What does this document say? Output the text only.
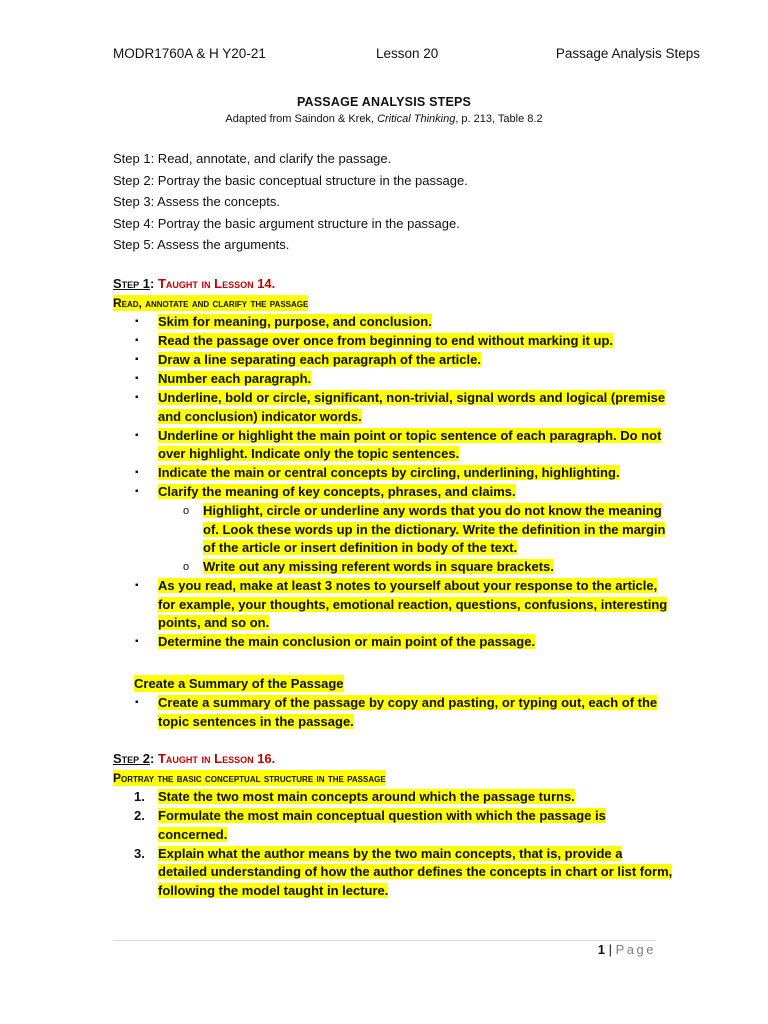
MODR1760A & H Y20-21	Lesson 20	Passage Analysis Steps
PASSAGE ANALYSIS STEPS
Adapted from Saindon & Krek, Critical Thinking, p. 213, Table 8.2
Step 1: Read, annotate, and clarify the passage.
Step 2: Portray the basic conceptual structure in the passage.
Step 3: Assess the concepts.
Step 4: Portray the basic argument structure in the passage.
Step 5: Assess the arguments.
Step 1: Taught in Lesson 14.
Read, annotate and clarify the passage
▪ Skim for meaning, purpose, and conclusion.
▪ Read the passage over once from beginning to end without marking it up.
▪ Draw a line separating each paragraph of the article.
▪ Number each paragraph.
▪ Underline, bold or circle, significant, non-trivial, signal words and logical (premise and conclusion) indicator words.
▪ Underline or highlight the main point or topic sentence of each paragraph. Do not over highlight. Indicate only the topic sentences.
▪ Indicate the main or central concepts by circling, underlining, highlighting.
▪ Clarify the meaning of key concepts, phrases, and claims.
o Highlight, circle or underline any words that you do not know the meaning of. Look these words up in the dictionary. Write the definition in the margin of the article or insert definition in body of the text.
o Write out any missing referent words in square brackets.
▪ As you read, make at least 3 notes to yourself about your response to the article, for example, your thoughts, emotional reaction, questions, confusions, interesting points, and so on.
▪ Determine the main conclusion or main point of the passage.
Create a Summary of the Passage
▪ Create a summary of the passage by copy and pasting, or typing out, each of the topic sentences in the passage.
Step 2: Taught in Lesson 16.
Portray the basic conceptual structure in the passage
1. State the two most main concepts around which the passage turns.
2. Formulate the most main conceptual question with which the passage is concerned.
3. Explain what the author means by the two main concepts, that is, provide a detailed understanding of how the author defines the concepts in chart or list form, following the model taught in lecture.
1 | Page
